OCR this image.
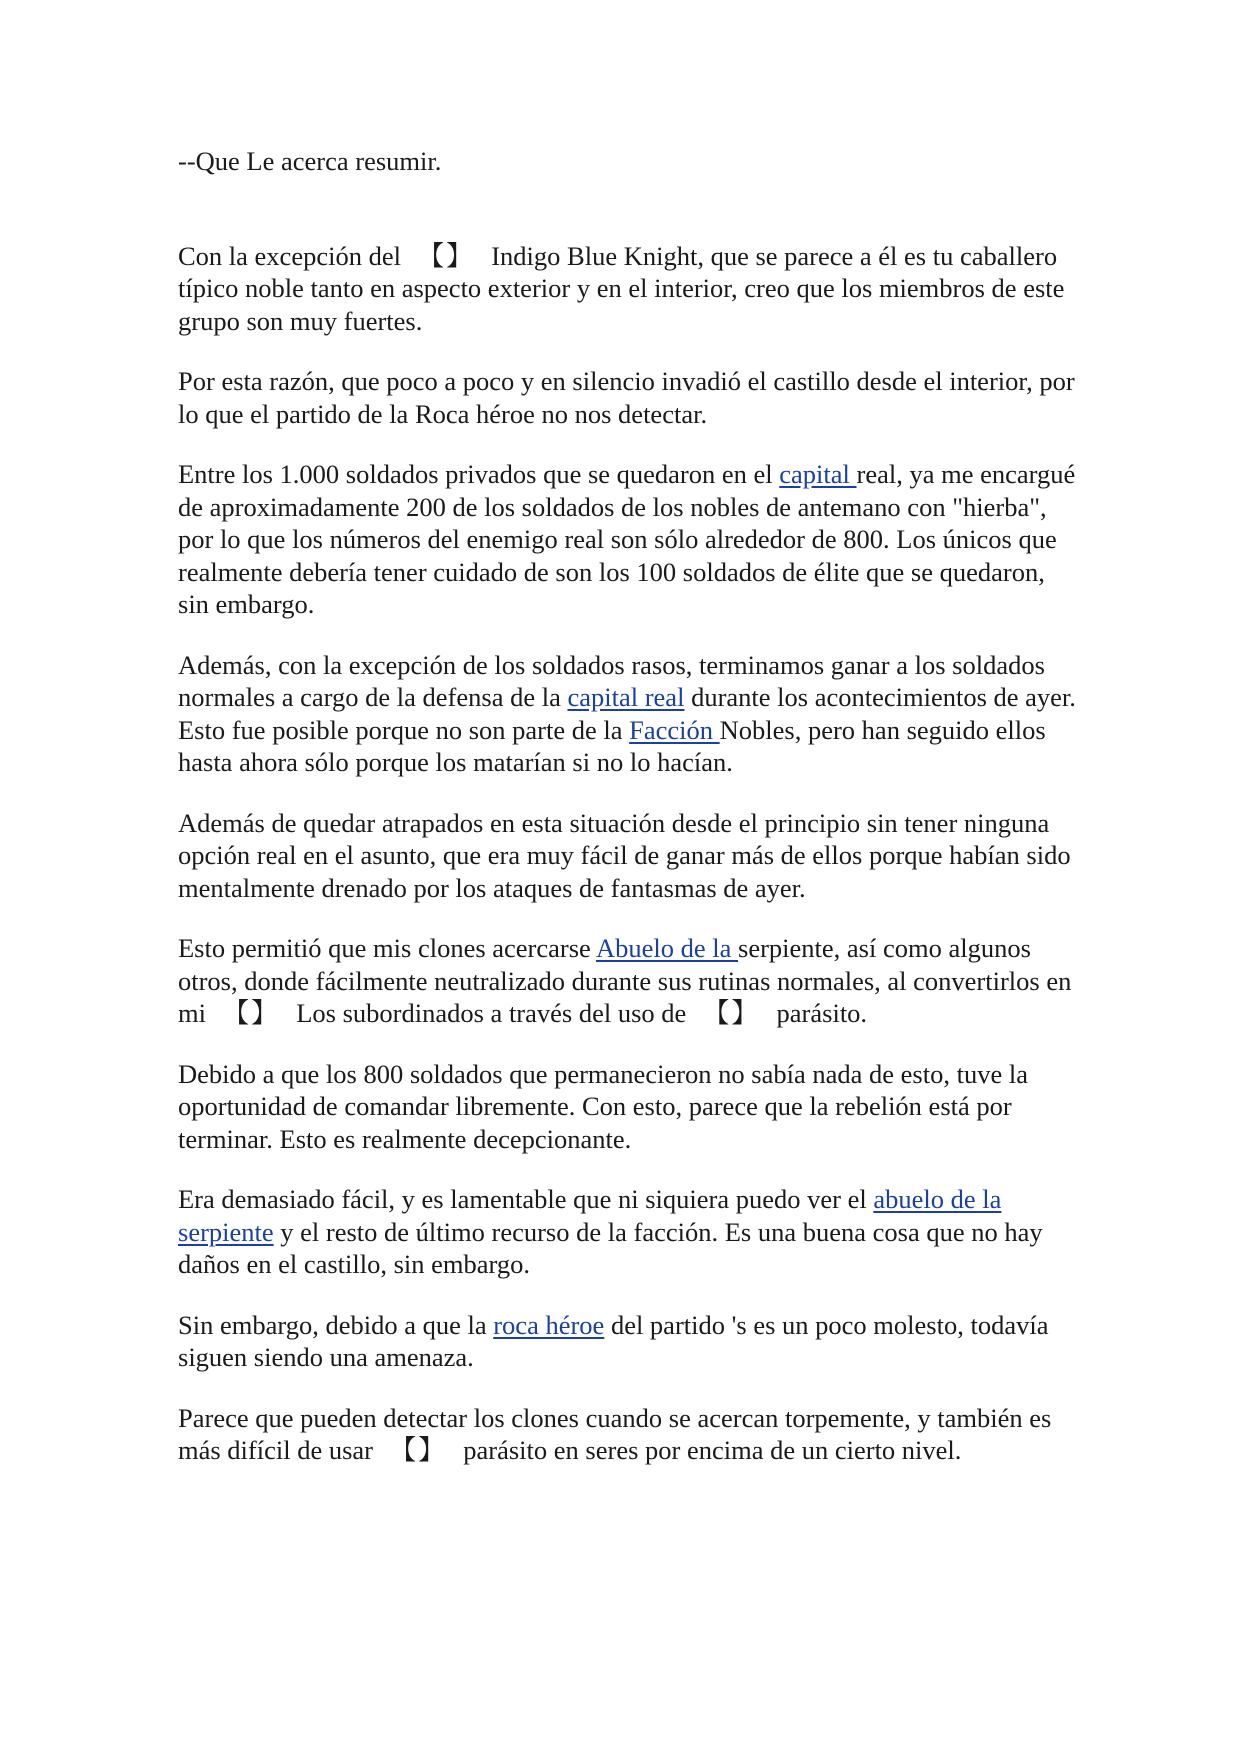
--Que Le acerca resumir.

Con la excepción del 【】 Indigo Blue Knight, que se parece a él es tu caballero típico noble tanto en aspecto exterior y en el interior, creo que los miembros de este grupo son muy fuertes.

Por esta razón, que poco a poco y en silencio invadió el castillo desde el interior, por lo que el partido de la Roca héroe no nos detectar.

Entre los 1.000 soldados privados que se quedaron en el capital real, ya me encargué de aproximadamente 200 de los soldados de los nobles de antemano con "hierba", por lo que los números del enemigo real son sólo alrededor de 800. Los únicos que realmente debería tener cuidado de son los 100 soldados de élite que se quedaron, sin embargo.

Además, con la excepción de los soldados rasos, terminamos ganar a los soldados normales a cargo de la defensa de la capital real durante los acontecimientos de ayer. Esto fue posible porque no son parte de la Facción Nobles, pero han seguido ellos hasta ahora sólo porque los matarían si no lo hacían.

Además de quedar atrapados en esta situación desde el principio sin tener ninguna opción real en el asunto, que era muy fácil de ganar más de ellos porque habían sido mentalmente drenado por los ataques de fantasmas de ayer.

Esto permitió que mis clones acercarse Abuelo de la serpiente, así como algunos otros, donde fácilmente neutralizado durante sus rutinas normales, al convertirlos en mi 【】 Los subordinados a través del uso de 【】 parásito.

Debido a que los 800 soldados que permanecieron no sabía nada de esto, tuve la oportunidad de comandar libremente. Con esto, parece que la rebelión está por terminar. Esto es realmente decepcionante.

Era demasiado fácil, y es lamentable que ni siquiera puedo ver el abuelo de la serpiente y el resto de último recurso de la facción. Es una buena cosa que no hay daños en el castillo, sin embargo.

Sin embargo, debido a que la roca héroe del partido 's es un poco molesto, todavía siguen siendo una amenaza.

Parece que pueden detectar los clones cuando se acercan torpemente, y también es más difícil de usar 【】 parásito en seres por encima de un cierto nivel.
